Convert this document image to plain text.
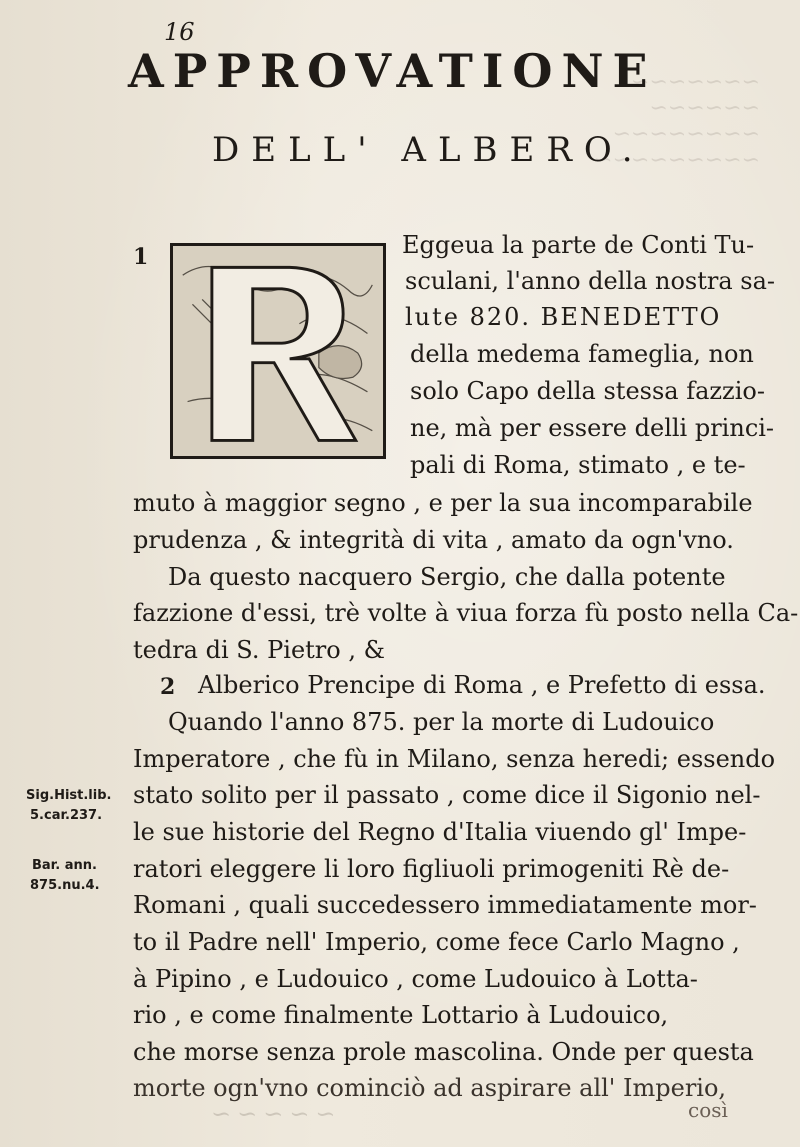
~~~~~~~
~~~~~~
~~~~~~~~
~~~~~~~~~
~~~~~
16
APPROVATIONE
DELL' ALBERO.
1	Eggeua la parte de Conti Tu-
sculani, l'anno della nostra sa-
lute 820. BENEDETTO
della medema fameglia, non
solo Capo della stessa fazzio-
ne, mà per essere delli princi-
pali di Roma, stimato , e te-
muto à maggior segno , e per la sua incomparabile
prudenza , & integrità di vita , amato da ogn'vno.
Da questo nacquero Sergio, che dalla potente
fazzione d'essi, trè volte à viua forza fù posto nella Ca-
tedra di S. Pietro , &
2 Alberico Prencipe di Roma , e Prefetto di essa.
Quando l'anno 875. per la morte di Ludouico
Imperatore , che fù in Milano, senza heredi; essendo
stato solito per il passato , come dice il Sigonio nel-
le sue historie del Regno d'Italia viuendo gl' Impe-
ratori eleggere li loro figliuoli primogeniti Rè de-
Romani , quali succedessero immediatamente mor-
to il Padre nell' Imperio, come fece Carlo Magno ,
à Pipino , e Ludouico , come Ludouico à Lotta-
rio , e come finalmente Lottario à Ludouico,
che morse senza prole mascolina. Onde per questa
morte ogn'vno cominciò ad aspirare all' Imperio,
Sig.Hist.lib.
5.car.237.
Bar. ann.
875.nu.4.
così
